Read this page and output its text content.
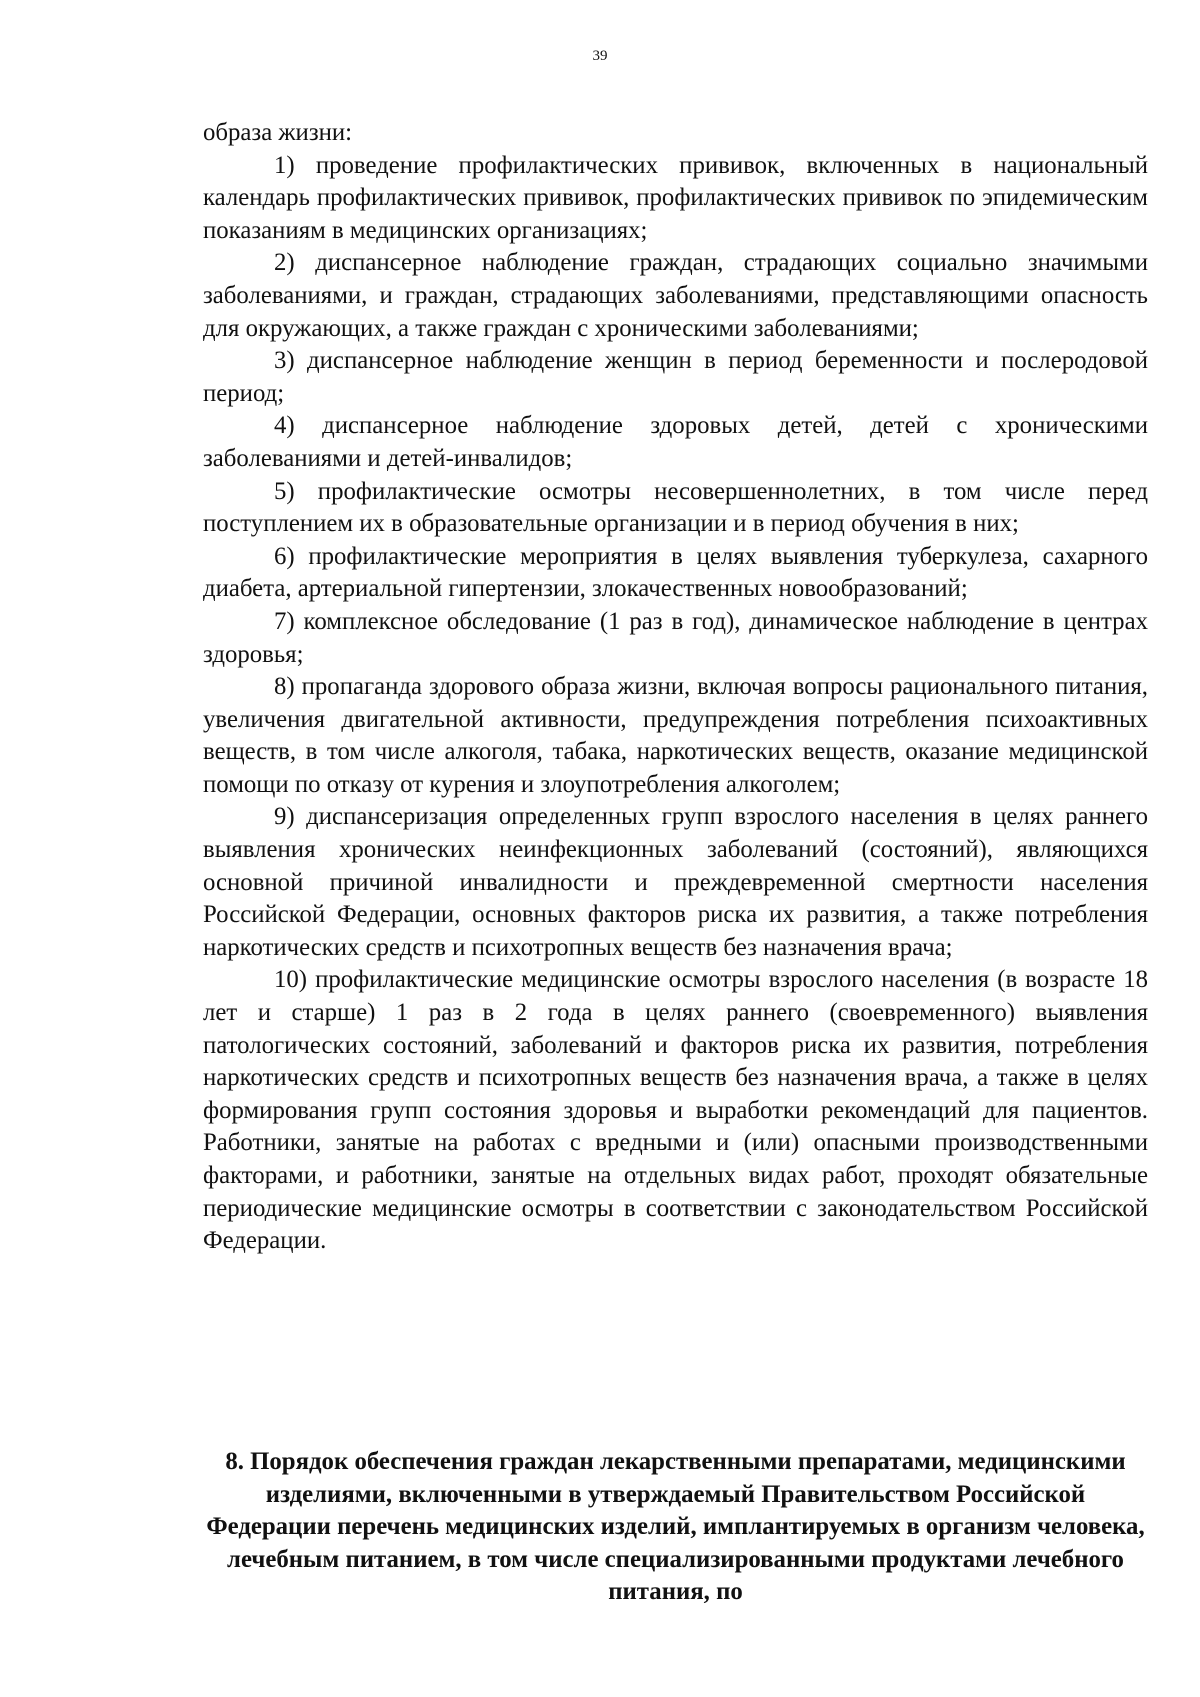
39

образа жизни:

1) проведение профилактических прививок, включенных в национальный календарь профилактических прививок, профилактических прививок по эпидемическим показаниям в медицинских организациях;

2) диспансерное наблюдение граждан, страдающих социально значимыми заболеваниями, и граждан, страдающих заболеваниями, представляющими опасность для окружающих, а также граждан с хроническими заболеваниями;

3) диспансерное наблюдение женщин в период беременности и послеродовой период;

4) диспансерное наблюдение здоровых детей, детей с хроническими заболеваниями и детей-инвалидов;

5) профилактические осмотры несовершеннолетних, в том числе перед поступлением их в образовательные организации и в период обучения в них;

6) профилактические мероприятия в целях выявления туберкулеза, сахарного диабета, артериальной гипертензии, злокачественных новообразований;

7) комплексное обследование (1 раз в год), динамическое наблюдение в центрах здоровья;

8) пропаганда здорового образа жизни, включая вопросы рационального питания, увеличения двигательной активности, предупреждения потребления психоактивных веществ, в том числе алкоголя, табака, наркотических веществ, оказание медицинской помощи по отказу от курения и злоупотребления алкоголем;

9) диспансеризация определенных групп взрослого населения в целях раннего выявления хронических неинфекционных заболеваний (состояний), являющихся основной причиной инвалидности и преждевременной смертности населения Российской Федерации, основных факторов риска их развития, а также потребления наркотических средств и психотропных веществ без назначения врача;

10) профилактические медицинские осмотры взрослого населения (в возрасте 18 лет и старше) 1 раз в 2 года в целях раннего (своевременного) выявления патологических состояний, заболеваний и факторов риска их развития, потребления наркотических средств и психотропных веществ без назначения врача, а также в целях формирования групп состояния здоровья и выработки рекомендаций для пациентов. Работники, занятые на работах с вредными и (или) опасными производственными факторами, и работники, занятые на отдельных видах работ, проходят обязательные периодические медицинские осмотры в соответствии с законодательством Российской Федерации.

8. Порядок обеспечения граждан лекарственными препаратами, медицинскими изделиями, включенными в утверждаемый Правительством Российской Федерации перечень медицинских изделий, имплантируемых в организм человека, лечебным питанием, в том числе специализированными продуктами лечебного питания, по
